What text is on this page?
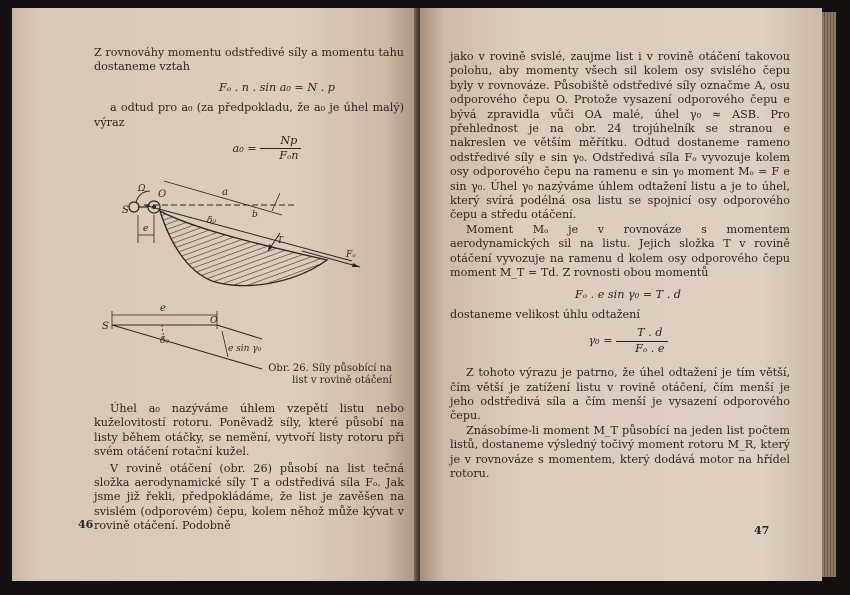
Z rovnováhy momentu odstředivé síly a momentu tahu dostaneme vztah

Fₒ . n . sin a₀ = N . p

a odtud pro a₀ (za předpokladu, že a₀ je úhel malý) výraz

$a_0 = \frac{Np}{\text{Fₒn}}$

S
Ω O	a
e
b
δ₀
T
Fₒ
e
S	O
δ₀
e sin γ₀
Obr. 26. Síly působící na
list v rovině otáčení

Úhel a₀ nazýváme úhlem vzepětí listu nebo kuželovitostí rotoru. Poněvadž síly, které působí na listy během otáčky, se nemění, vytvoří listy rotoru při svém otáčení rotační kužel.

V rovině otáčení (obr. 26) působí na list tečná složka aerodynamické síly T a odstředivá síla Fₒ. Jak jsme již řekli, předpokládáme, že list je zavěšen na svislém (odporovém) čepu, kolem něhož může kývat v rovině otáčení. Podobně

46

jako v rovině svislé, zaujme list i v rovině otáčení takovou polohu, aby momenty všech sil kolem osy svislého čepu byly v rovnováze. Působiště odstředivé síly označme A, osu odporového čepu O. Protože vysazení odporového čepu e bývá zpravidla vůči OA malé, úhel γ₀ ≈ ASB. Pro přehlednost je na obr. 24 trojúhelník se stranou e nakreslen ve větším měřítku. Odtud dostaneme rameno odstředivé síly e sin γ₀. Odstředivá síla Fₒ vyvozuje kolem osy odporového čepu na ramenu e sin γ₀ moment Mₒ = F e sin γ₀. Úhel γ₀ nazýváme úhlem odtažení listu a je to úhel, který svírá podélná osa listu se spojnicí osy odporového čepu a středu otáčení.

Moment Mₒ je v rovnováze s momentem aerodynamických sil na listu. Jejich složka T v rovině otáčení vyvozuje na ramenu d kolem osy odporového čepu moment M_T = Td. Z rovnosti obou momentů

Fₒ . e sin γ₀ = T . d

dostaneme velikost úhlu odtažení

$\gamma_0 = \frac{T . d}{\text{Fₒ . e}}$

Z tohoto výrazu je patrno, že úhel odtažení je tím větší, čím větší je zatížení listu v rovině otáčení, čím menší je jeho odstředivá síla a čím menší je vysazení odporového čepu.

Znásobíme-li moment M_T působící na jeden list počtem listů, dostaneme výsledný točivý moment rotoru M_R, který je v rovnováze s momentem, který dodává motor na hřídel rotoru.

47
